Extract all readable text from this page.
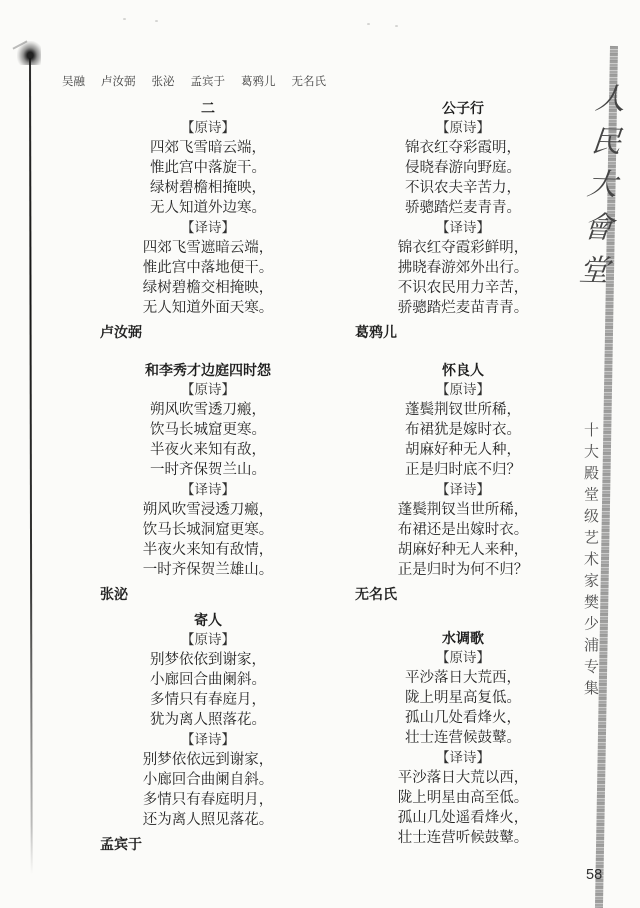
吴融 卢汝弼 张泌 孟宾于 葛鸦儿 无名氏
二
【原诗】

四郊飞雪暗云端，

惟此宫中落旋干。

绿树碧檐相掩映，

无人知道外边寒。

【译诗】

四郊飞雪遮暗云端，

惟此宫中落地便干。

绿树碧檐交相掩映，

无人知道外面天寒。

卢汝弼
和李秀才边庭四时怨
【原诗】

朔风吹雪透刀瘢，

饮马长城窟更寒。

半夜火来知有敌，

一时齐保贺兰山。

【译诗】

朔风吹雪浸透刀瘢，

饮马长城洞窟更寒。

半夜火来知有敌情，

一时齐保贺兰雄山。

张泌
寄人
【原诗】

别梦依依到谢家，

小廊回合曲阑斜。

多情只有春庭月，

犹为离人照落花。

【译诗】

别梦依依远到谢家，

小廊回合曲阑自斜。

多情只有春庭明月，

还为离人照见落花。

孟宾于
公子行
【原诗】

锦衣红夺彩霞明，

侵晓春游向野庭。

不识农夫辛苦力，

骄骢踏烂麦青青。

【译诗】

锦衣红夺霞彩鲜明，

拂晓春游郊外出行。

不识农民用力辛苦，

骄骢踏烂麦苗青青。

葛鸦儿
怀良人
【原诗】

蓬鬓荆钗世所稀，

布裙犹是嫁时衣。

胡麻好种无人种，

正是归时底不归？

【译诗】

蓬鬓荆钗当世所稀，

布裙还是出嫁时衣。

胡麻好种无人来种，

正是归时为何不归？

无名氏
水调歌
【原诗】

平沙落日大荒西，

陇上明星高复低。

孤山几处看烽火，

壮士连营候鼓鼙。

【译诗】

平沙落日大荒以西，

陇上明星由高至低。

孤山几处遥看烽火，

壮士连营听候鼓鼙。

人民大會堂
十大殿堂级艺术家樊少浦专集
58
